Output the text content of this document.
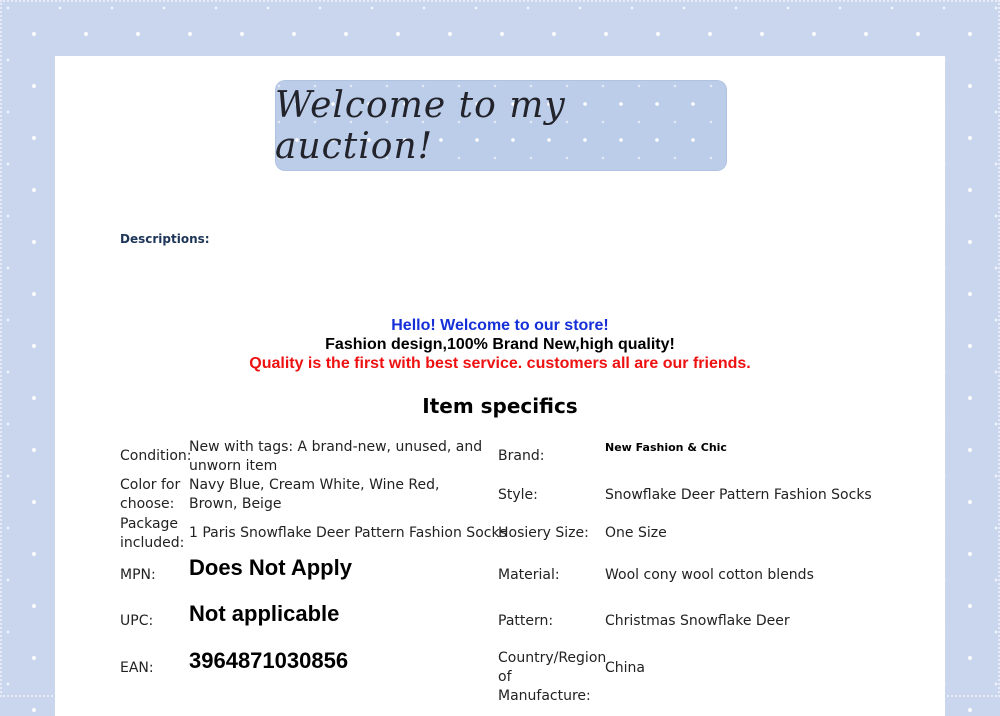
Welcome to my auction!
Descriptions:
Hello! Welcome to our store!
Fashion design,100% Brand New,high quality!
Quality is the first with best service. customers all are our friends.
Item specifics
Condition:
Color for choose:
Package included:
MPN:
UPC:
EAN:
New with tags: A brand-new, unused, and unworn item
Navy Blue, Cream White, Wine Red, Brown, Beige
1 Paris Snowflake Deer Pattern Fashion Socks
Does Not Apply
Not applicable
3964871030856
Brand:
Style:
Hosiery Size:
Material:
Pattern:
Country/Region of Manufacture:
New Fashion & Chic
Snowflake Deer Pattern Fashion Socks
One Size
Wool cony wool cotton blends
Christmas Snowflake Deer
China
